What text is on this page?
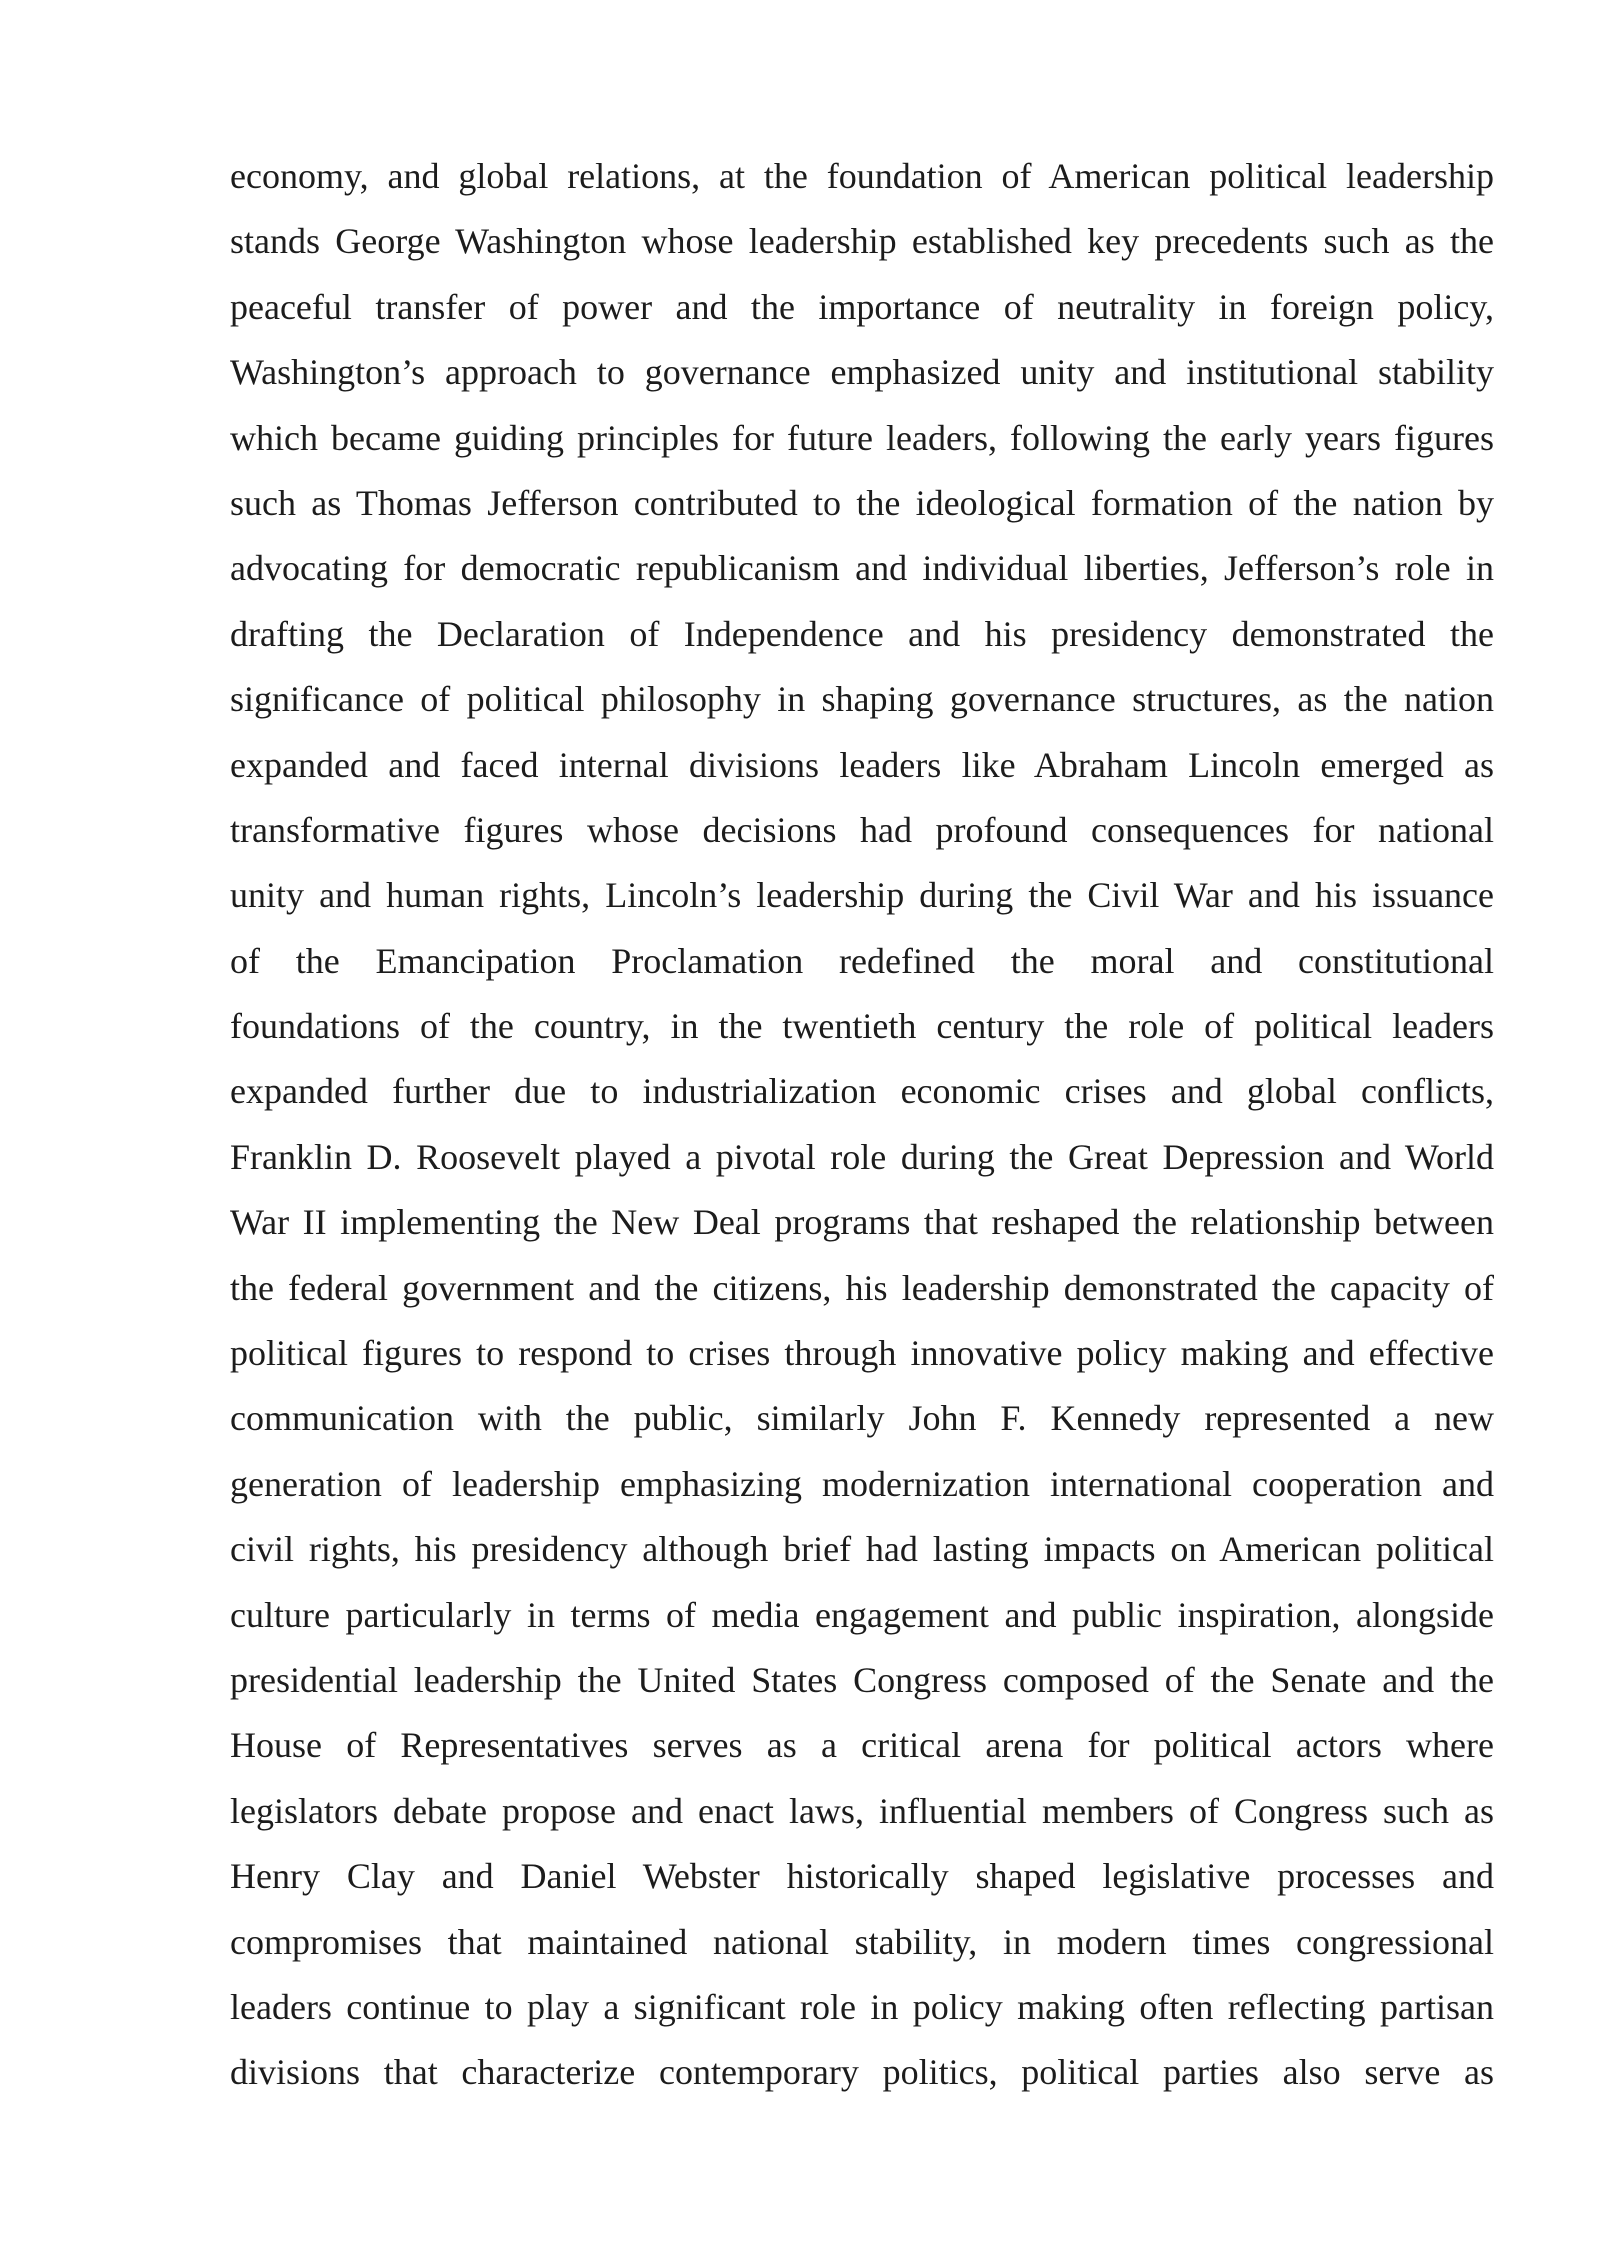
economy, and global relations, at the foundation of American political leadership
stands George Washington whose leadership established key precedents such as the
peaceful transfer of power and the importance of neutrality in foreign policy,
Washington’s approach to governance emphasized unity and institutional stability
which became guiding principles for future leaders, following the early years figures
such as Thomas Jefferson contributed to the ideological formation of the nation by
advocating for democratic republicanism and individual liberties, Jefferson’s role in
drafting the Declaration of Independence and his presidency demonstrated the
significance of political philosophy in shaping governance structures, as the nation
expanded and faced internal divisions leaders like Abraham Lincoln emerged as
transformative figures whose decisions had profound consequences for national
unity and human rights, Lincoln’s leadership during the Civil War and his issuance
of the Emancipation Proclamation redefined the moral and constitutional
foundations of the country, in the twentieth century the role of political leaders
expanded further due to industrialization economic crises and global conflicts,
Franklin D. Roosevelt played a pivotal role during the Great Depression and World
War II implementing the New Deal programs that reshaped the relationship between
the federal government and the citizens, his leadership demonstrated the capacity of
political figures to respond to crises through innovative policy making and effective
communication with the public, similarly John F. Kennedy represented a new
generation of leadership emphasizing modernization international cooperation and
civil rights, his presidency although brief had lasting impacts on American political
culture particularly in terms of media engagement and public inspiration, alongside
presidential leadership the United States Congress composed of the Senate and the
House of Representatives serves as a critical arena for political actors where
legislators debate propose and enact laws, influential members of Congress such as
Henry Clay and Daniel Webster historically shaped legislative processes and
compromises that maintained national stability, in modern times congressional
leaders continue to play a significant role in policy making often reflecting partisan
divisions that characterize contemporary politics, political parties also serve as
